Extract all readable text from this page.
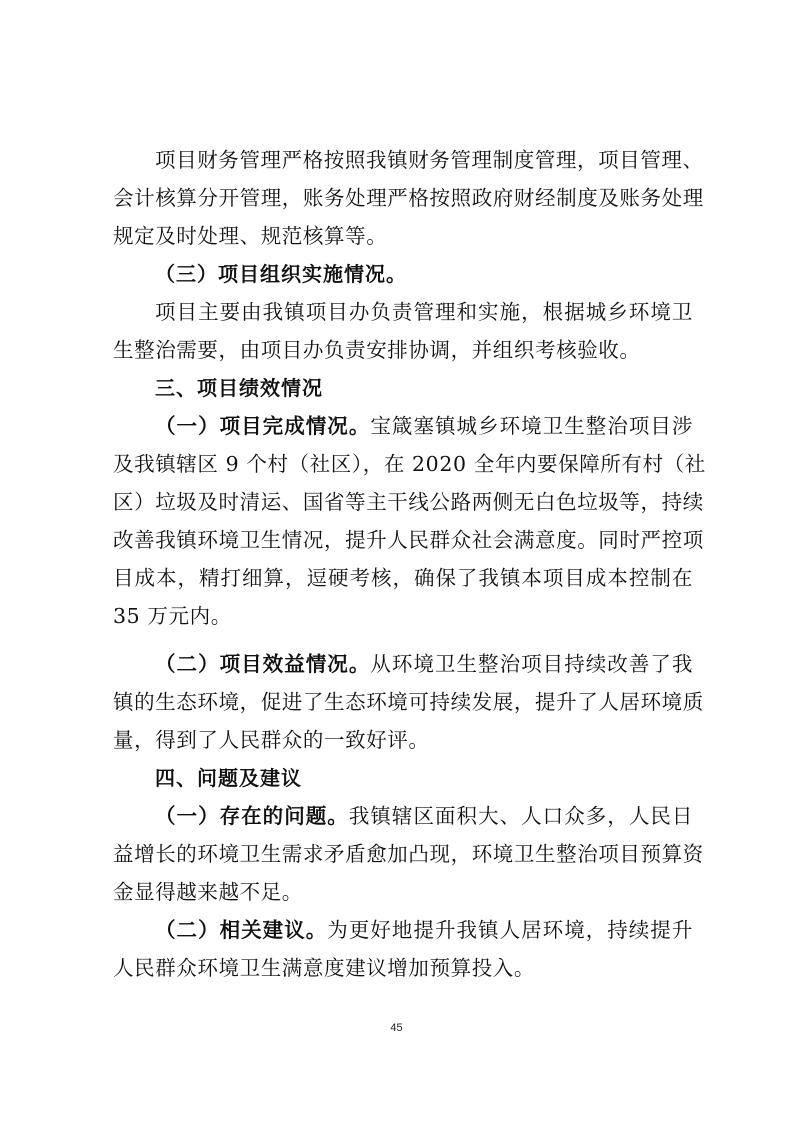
项目财务管理严格按照我镇财务管理制度管理，项目管理、
会计核算分开管理，账务处理严格按照政府财经制度及账务处理
规定及时处理、规范核算等。
（三）项目组织实施情况。
项目主要由我镇项目办负责管理和实施，根据城乡环境卫
生整治需要，由项目办负责安排协调，并组织考核验收。
三、项目绩效情况
（一）项目完成情况。宝箴塞镇城乡环境卫生整治项目涉
及我镇辖区 9 个村（社区），在 2020 全年内要保障所有村（社
区）垃圾及时清运、国省等主干线公路两侧无白色垃圾等，持续
改善我镇环境卫生情况，提升人民群众社会满意度。同时严控项
目成本，精打细算，逗硬考核，确保了我镇本项目成本控制在
35 万元内。
（二）项目效益情况。从环境卫生整治项目持续改善了我
镇的生态环境，促进了生态环境可持续发展，提升了人居环境质
量，得到了人民群众的一致好评。
四、问题及建议
（一）存在的问题。我镇辖区面积大、人口众多，人民日
益增长的环境卫生需求矛盾愈加凸现，环境卫生整治项目预算资
金显得越来越不足。
（二）相关建议。为更好地提升我镇人居环境，持续提升
人民群众环境卫生满意度建议增加预算投入。
45
